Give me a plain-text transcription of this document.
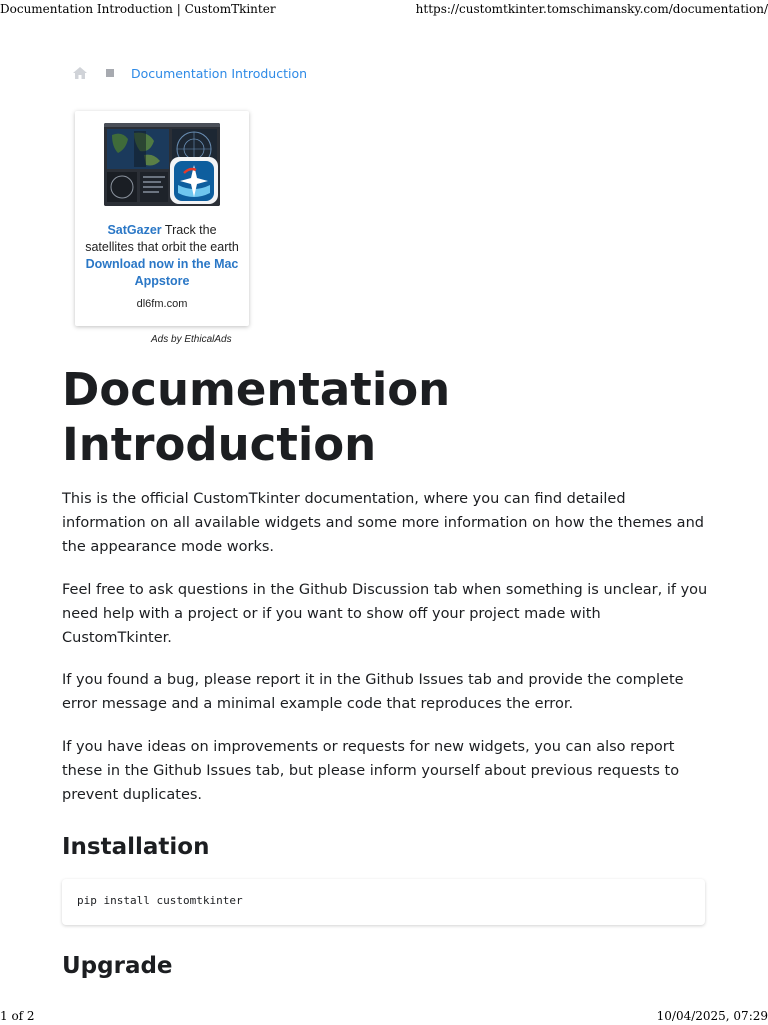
Documentation Introduction | CustomTkinter	https://customtkinter.tomschimansky.com/documentation/
Documentation Introduction
SatGazer Track the satellites that orbit the earth Download now in the Mac Appstore
dl6fm.com
Ads by EthicalAds
Documentation Introduction

This is the official CustomTkinter documentation, where you can find detailed information on all available widgets and some more information on how the themes and the appearance mode works.

Feel free to ask questions in the Github Discussion tab when something is unclear, if you need help with a project or if you want to show off your project made with CustomTkinter.

If you found a bug, please report it in the Github Issues tab and provide the complete error message and a minimal example code that reproduces the error.

If you have ideas on improvements or requests for new widgets, you can also report these in the Github Issues tab, but please inform yourself about previous requests to prevent duplicates.

Installation
pip install customtkinter
Upgrade
1 of 2	10/04/2025, 07:29
